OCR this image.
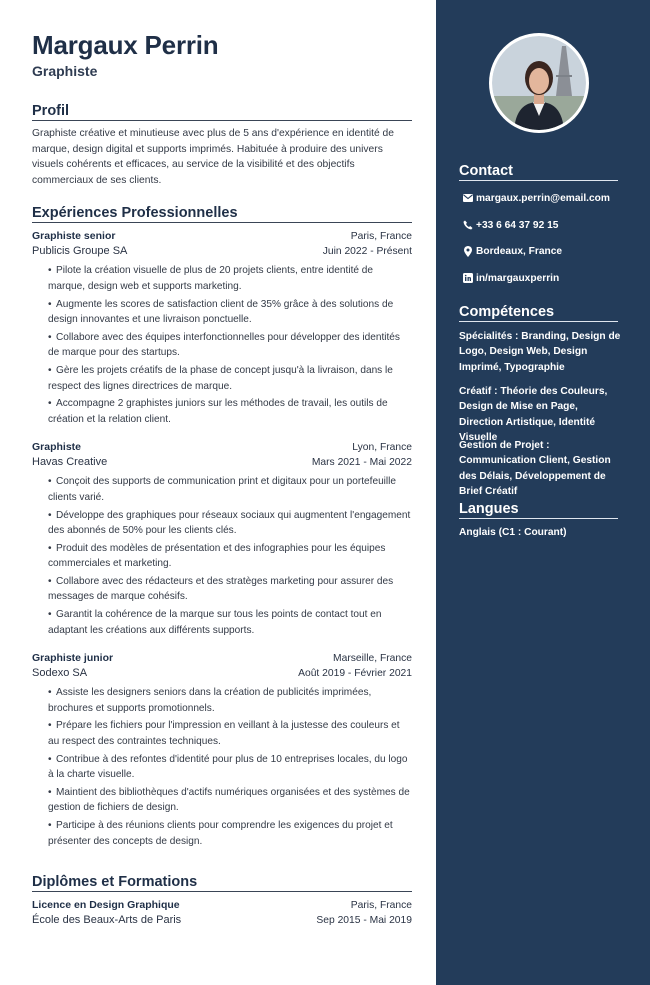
Margaux Perrin
Graphiste
Profil
Graphiste créative et minutieuse avec plus de 5 ans d'expérience en identité de marque, design digital et supports imprimés. Habituée à produire des univers visuels cohérents et efficaces, au service de la visibilité et des objectifs commerciaux de ses clients.
Expériences Professionnelles
Graphiste senior	Paris, France
Publicis Groupe SA	Juin 2022 - Présent
• Pilote la création visuelle de plus de 20 projets clients, entre identité de marque, design web et supports marketing.
• Augmente les scores de satisfaction client de 35% grâce à des solutions de design innovantes et une livraison ponctuelle.
• Collabore avec des équipes interfonctionnelles pour développer des identités de marque pour des startups.
• Gère les projets créatifs de la phase de concept jusqu'à la livraison, dans le respect des lignes directrices de marque.
• Accompagne 2 graphistes juniors sur les méthodes de travail, les outils de création et la relation client.
Graphiste	Lyon, France
Havas Creative	Mars 2021 - Mai 2022
• Conçoit des supports de communication print et digitaux pour un portefeuille clients varié.
• Développe des graphiques pour réseaux sociaux qui augmentent l'engagement des abonnés de 50% pour les clients clés.
• Produit des modèles de présentation et des infographies pour les équipes commerciales et marketing.
• Collabore avec des rédacteurs et des stratèges marketing pour assurer des messages de marque cohésifs.
• Garantit la cohérence de la marque sur tous les points de contact tout en adaptant les créations aux différents supports.
Graphiste junior	Marseille, France
Sodexo SA	Août 2019 - Février 2021
• Assiste les designers seniors dans la création de publicités imprimées, brochures et supports promotionnels.
• Prépare les fichiers pour l'impression en veillant à la justesse des couleurs et au respect des contraintes techniques.
• Contribue à des refontes d'identité pour plus de 10 entreprises locales, du logo à la charte visuelle.
• Maintient des bibliothèques d'actifs numériques organisées et des systèmes de gestion de fichiers de design.
• Participe à des réunions clients pour comprendre les exigences du projet et présenter des concepts de design.
Diplômes et Formations
Licence en Design Graphique	Paris, France
École des Beaux-Arts de Paris	Sep 2015 - Mai 2019
Contact
margaux.perrin@email.com
+33 6 64 37 92 15
Bordeaux, France
in/margauxperrin
Compétences
Spécialités : Branding, Design de Logo, Design Web, Design Imprimé, Typographie
Créatif : Théorie des Couleurs, Design de Mise en Page, Direction Artistique, Identité Visuelle
Gestion de Projet : Communication Client, Gestion des Délais, Développement de Brief Créatif
Langues
Anglais (C1 : Courant)
